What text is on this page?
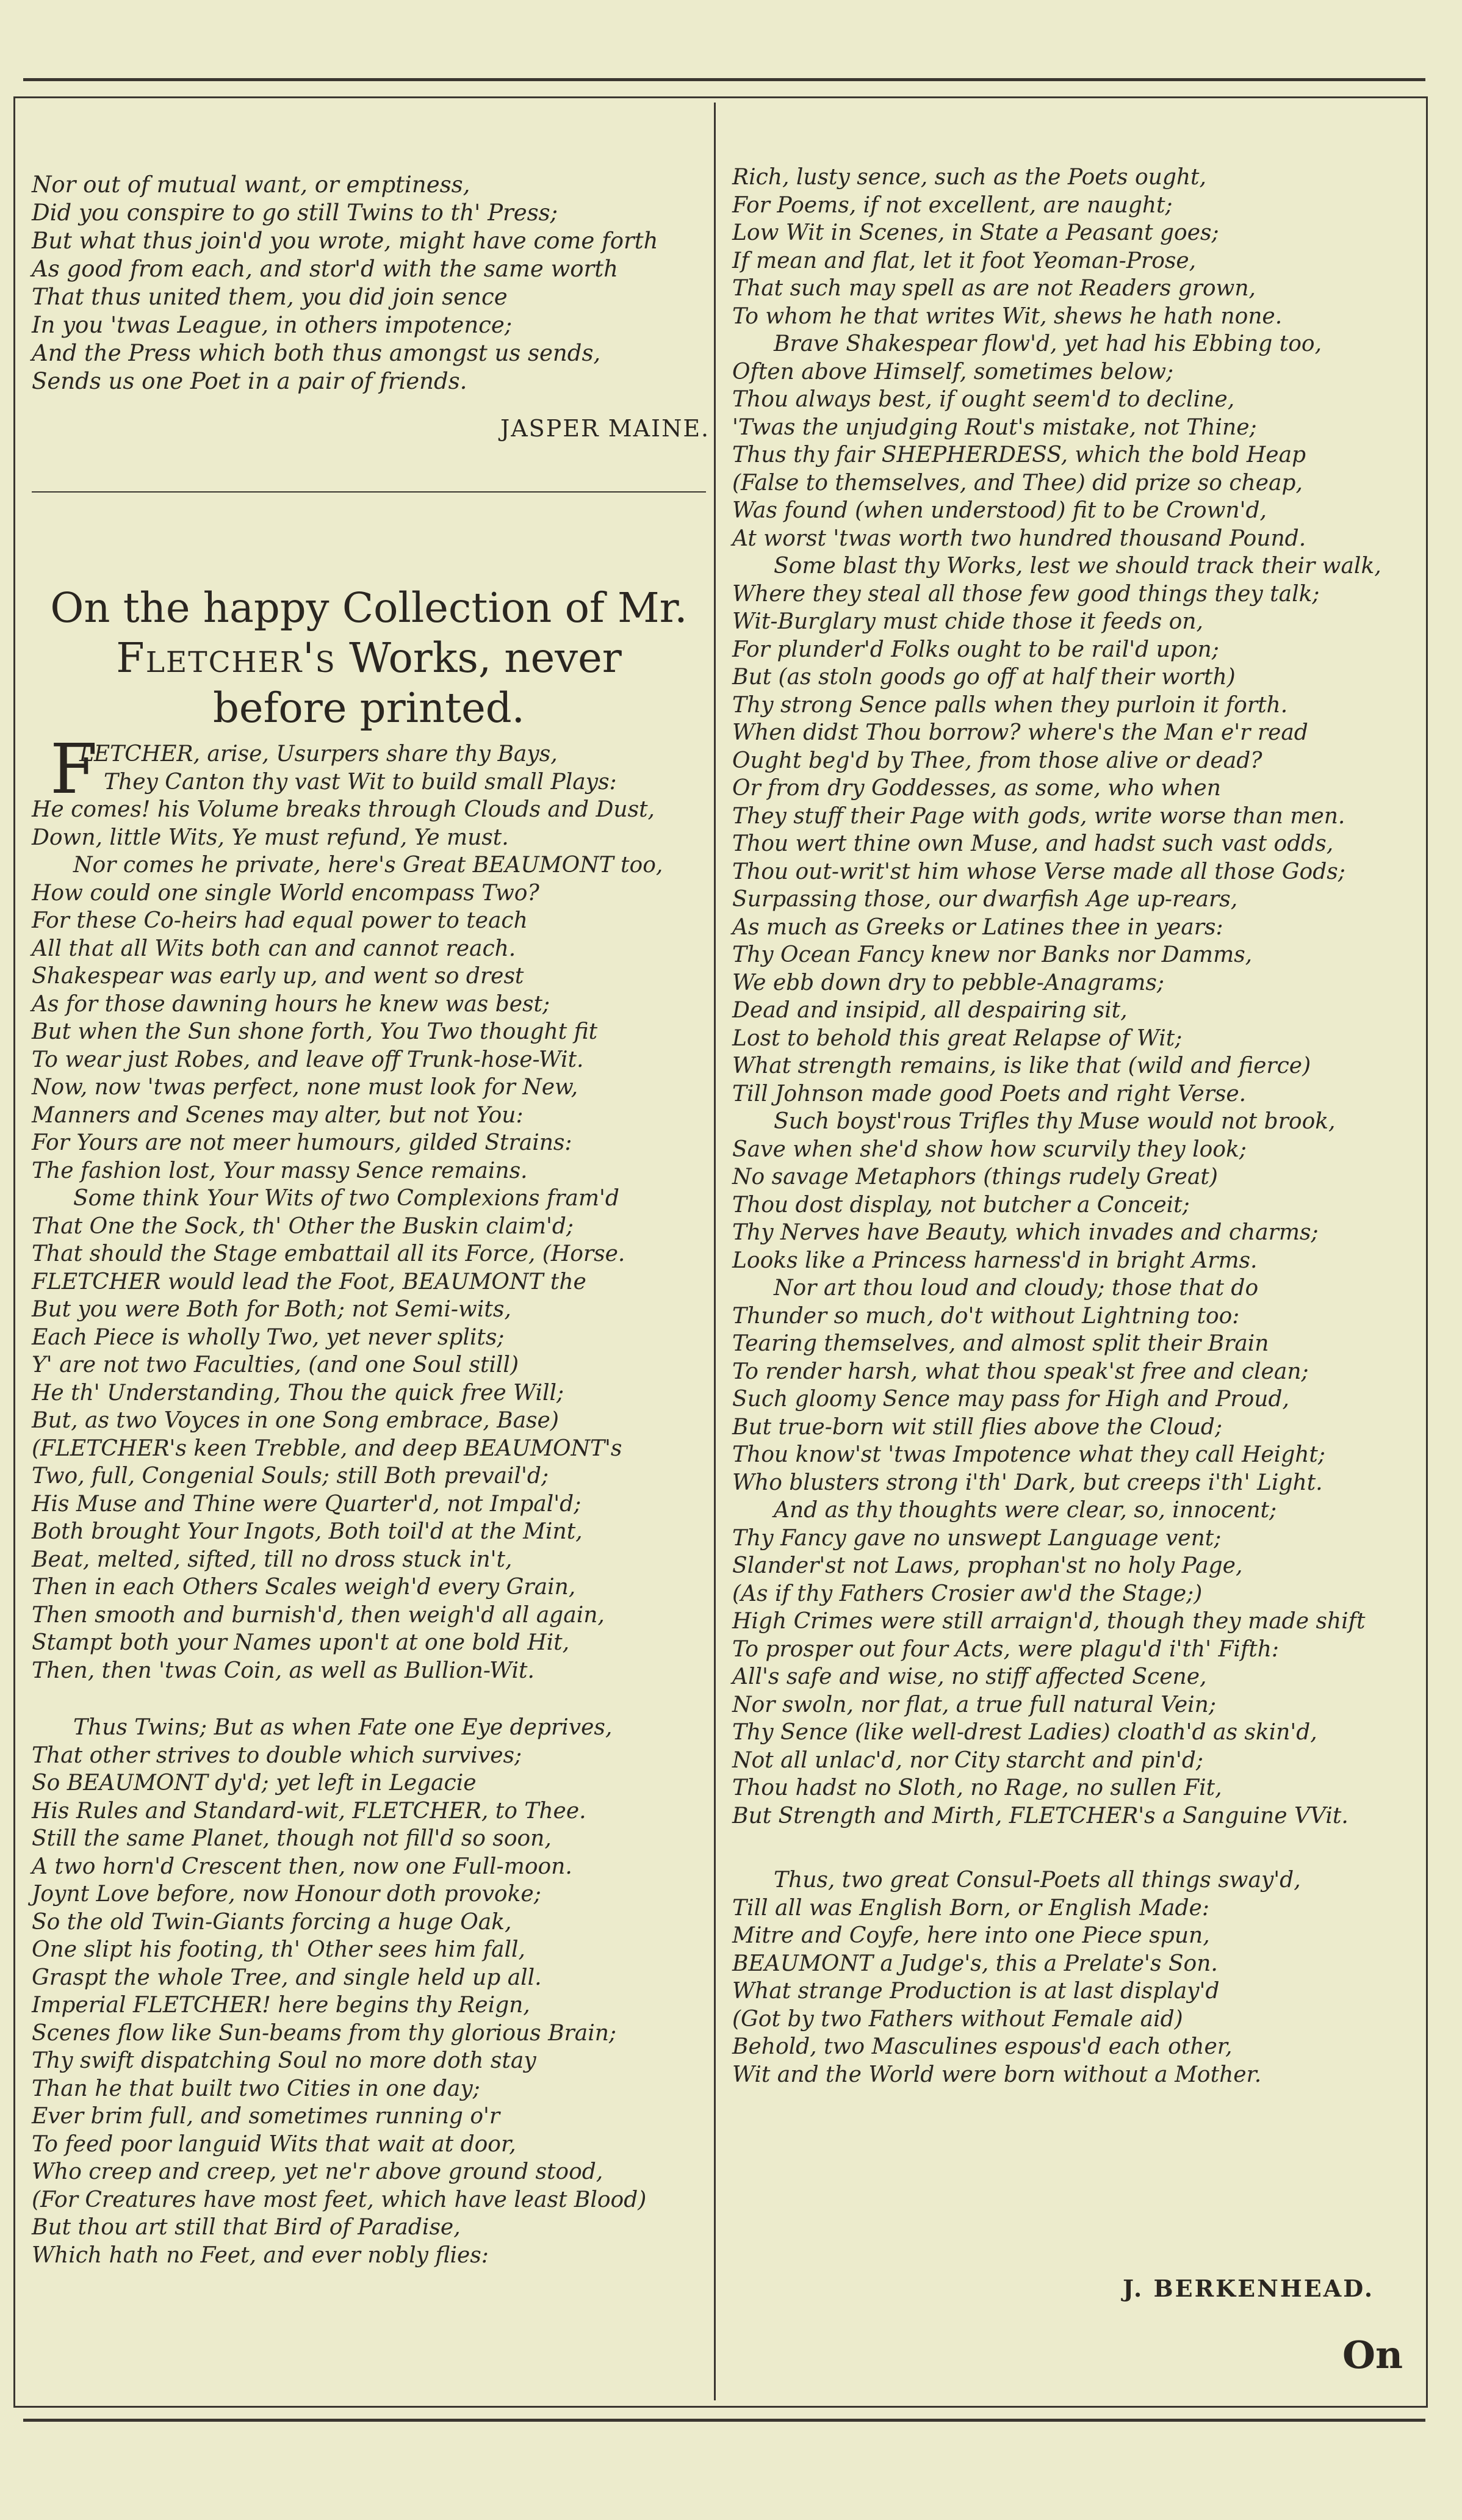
Nor out of mutual want, or emptiness,
Did you conspire to go still Twins to th' Press;
But what thus join'd you wrote, might have come forth
As good from each, and stor'd with the same worth
That thus united them, you did join sence
In you 'twas League, in others impotence;
And the Press which both thus amongst us sends,
Sends us one Poet in a pair of friends.
JASPER MAINE.
On the happy Collection of Mr.
Fletcher's Works, never
before printed.
F
LETCHER, arise, Usurpers share thy Bays,
They Canton thy vast Wit to build small Plays:
He comes! his Volume breaks through Clouds and Dust,
Down, little Wits, Ye must refund, Ye must.
Nor comes he private, here's Great BEAUMONT too,
How could one single World encompass Two?
For these Co-heirs had equal power to teach
All that all Wits both can and cannot reach.
Shakespear was early up, and went so drest
As for those dawning hours he knew was best;
But when the Sun shone forth, You Two thought fit
To wear just Robes, and leave off Trunk-hose-Wit.
Now, now 'twas perfect, none must look for New,
Manners and Scenes may alter, but not You:
For Yours are not meer humours, gilded Strains:
The fashion lost, Your massy Sence remains.
Some think Your Wits of two Complexions fram'd
That One the Sock, th' Other the Buskin claim'd;
That should the Stage embattail all its Force, (Horse.
FLETCHER would lead the Foot, BEAUMONT the
But you were Both for Both; not Semi-wits,
Each Piece is wholly Two, yet never splits;
Y' are not two Faculties, (and one Soul still)
He th' Understanding, Thou the quick free Will;
But, as two Voyces in one Song embrace, Base)
(FLETCHER's keen Trebble, and deep BEAUMONT's
Two, full, Congenial Souls; still Both prevail'd;
His Muse and Thine were Quarter'd, not Impal'd;
Both brought Your Ingots, Both toil'd at the Mint,
Beat, melted, sifted, till no dross stuck in't,
Then in each Others Scales weigh'd every Grain,
Then smooth and burnish'd, then weigh'd all again,
Stampt both your Names upon't at one bold Hit,
Then, then 'twas Coin, as well as Bullion-Wit.
Thus Twins; But as when Fate one Eye deprives,
That other strives to double which survives;
So BEAUMONT dy'd; yet left in Legacie
His Rules and Standard-wit, FLETCHER, to Thee.
Still the same Planet, though not fill'd so soon,
A two horn'd Crescent then, now one Full-moon.
Joynt Love before, now Honour doth provoke;
So the old Twin-Giants forcing a huge Oak,
One slipt his footing, th' Other sees him fall,
Graspt the whole Tree, and single held up all.
Imperial FLETCHER! here begins thy Reign,
Scenes flow like Sun-beams from thy glorious Brain;
Thy swift dispatching Soul no more doth stay
Than he that built two Cities in one day;
Ever brim full, and sometimes running o'r
To feed poor languid Wits that wait at door,
Who creep and creep, yet ne'r above ground stood,
(For Creatures have most feet, which have least Blood)
But thou art still that Bird of Paradise,
Which hath no Feet, and ever nobly flies:
Rich, lusty sence, such as the Poets ought,
For Poems, if not excellent, are naught;
Low Wit in Scenes, in State a Peasant goes;
If mean and flat, let it foot Yeoman-Prose,
That such may spell as are not Readers grown,
To whom he that writes Wit, shews he hath none.
Brave Shakespear flow'd, yet had his Ebbing too,
Often above Himself, sometimes below;
Thou always best, if ought seem'd to decline,
'Twas the unjudging Rout's mistake, not Thine;
Thus thy fair SHEPHERDESS, which the bold Heap
(False to themselves, and Thee) did prize so cheap,
Was found (when understood) fit to be Crown'd,
At worst 'twas worth two hundred thousand Pound.
Some blast thy Works, lest we should track their walk,
Where they steal all those few good things they talk;
Wit-Burglary must chide those it feeds on,
For plunder'd Folks ought to be rail'd upon;
But (as stoln goods go off at half their worth)
Thy strong Sence palls when they purloin it forth.
When didst Thou borrow? where's the Man e'r read
Ought beg'd by Thee, from those alive or dead?
Or from dry Goddesses, as some, who when
They stuff their Page with gods, write worse than men.
Thou wert thine own Muse, and hadst such vast odds,
Thou out-writ'st him whose Verse made all those Gods;
Surpassing those, our dwarfish Age up-rears,
As much as Greeks or Latines thee in years:
Thy Ocean Fancy knew nor Banks nor Damms,
We ebb down dry to pebble-Anagrams;
Dead and insipid, all despairing sit,
Lost to behold this great Relapse of Wit;
What strength remains, is like that (wild and fierce)
Till Johnson made good Poets and right Verse.
Such boyst'rous Trifles thy Muse would not brook,
Save when she'd show how scurvily they look;
No savage Metaphors (things rudely Great)
Thou dost display, not butcher a Conceit;
Thy Nerves have Beauty, which invades and charms;
Looks like a Princess harness'd in bright Arms.
Nor art thou loud and cloudy; those that do
Thunder so much, do't without Lightning too:
Tearing themselves, and almost split their Brain
To render harsh, what thou speak'st free and clean;
Such gloomy Sence may pass for High and Proud,
But true-born wit still flies above the Cloud;
Thou know'st 'twas Impotence what they call Height;
Who blusters strong i'th' Dark, but creeps i'th' Light.
And as thy thoughts were clear, so, innocent;
Thy Fancy gave no unswept Language vent;
Slander'st not Laws, prophan'st no holy Page,
(As if thy Fathers Crosier aw'd the Stage;)
High Crimes were still arraign'd, though they made shift
To prosper out four Acts, were plagu'd i'th' Fifth:
All's safe and wise, no stiff affected Scene,
Nor swoln, nor flat, a true full natural Vein;
Thy Sence (like well-drest Ladies) cloath'd as skin'd,
Not all unlac'd, nor City starcht and pin'd;
Thou hadst no Sloth, no Rage, no sullen Fit,
But Strength and Mirth, FLETCHER's a Sanguine VVit.
Thus, two great Consul-Poets all things sway'd,
Till all was English Born, or English Made:
Mitre and Coyfe, here into one Piece spun,
BEAUMONT a Judge's, this a Prelate's Son.
What strange Production is at last display'd
(Got by two Fathers without Female aid)
Behold, two Masculines espous'd each other,
Wit and the World were born without a Mother.
J. BERKENHEAD.
On
